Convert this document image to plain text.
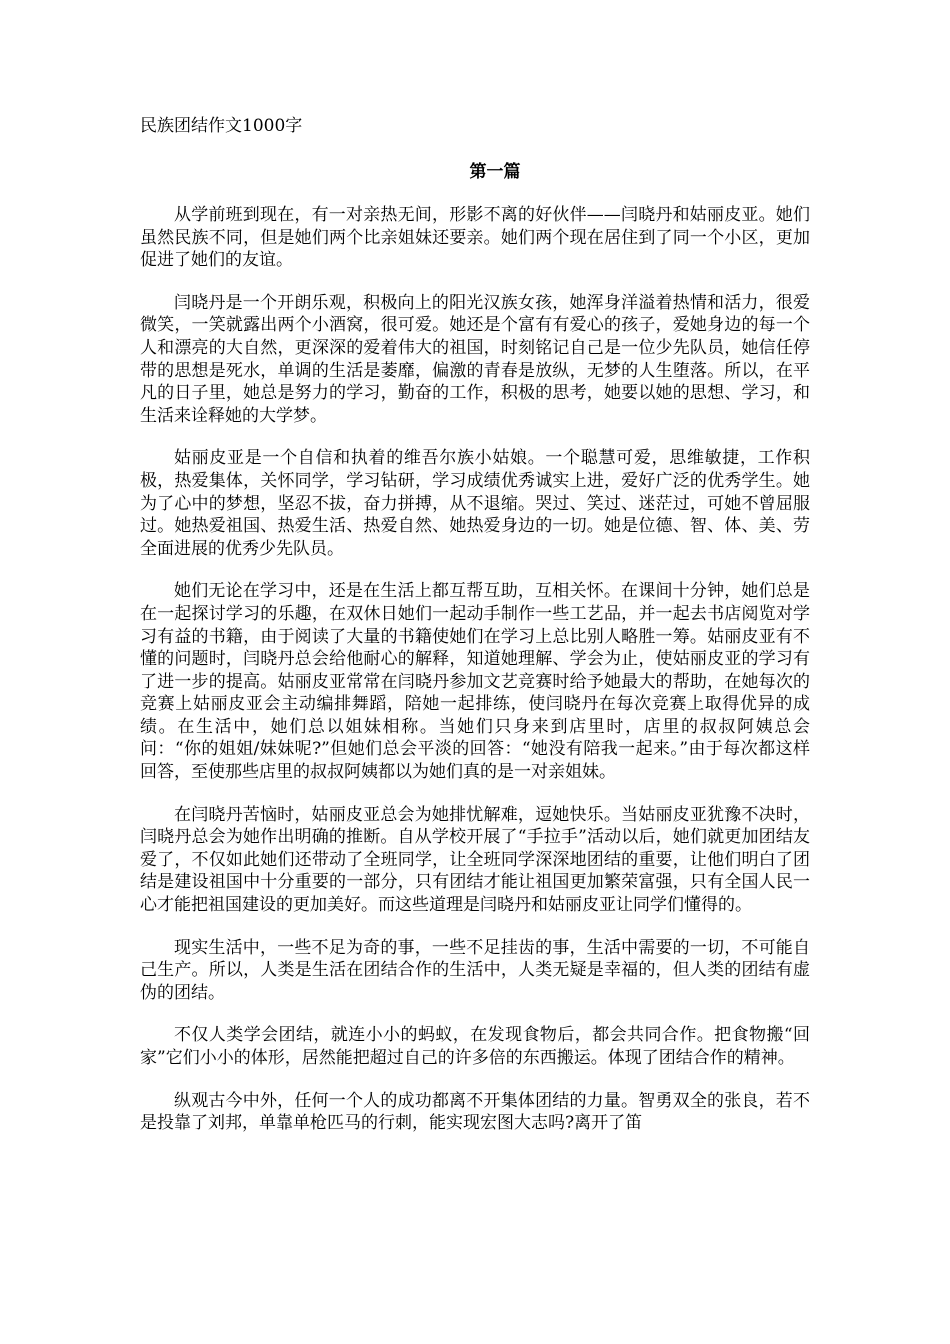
民族团结作文1000字
第一篇

从学前班到现在，有一对亲热无间，形影不离的好伙伴——闫晓丹和姑丽皮亚。她们虽然民族不同，但是她们两个比亲姐妹还要亲。她们两个现在居住到了同一个小区，更加促进了她们的友谊。

闫晓丹是一个开朗乐观，积极向上的阳光汉族女孩，她浑身洋溢着热情和活力，很爱微笑，一笑就露出两个小酒窝，很可爱。她还是个富有有爱心的孩子，爱她身边的每一个人和漂亮的大自然，更深深的爱着伟大的祖国，时刻铭记自己是一位少先队员，她信任停带的思想是死水，单调的生活是萎靡，偏激的青春是放纵，无梦的人生堕落。所以，在平凡的日子里，她总是努力的学习，勤奋的工作，积极的思考，她要以她的思想、学习，和生活来诠释她的大学梦。

姑丽皮亚是一个自信和执着的维吾尔族小姑娘。一个聪慧可爱，思维敏捷，工作积极，热爱集体，关怀同学，学习钻研，学习成绩优秀诚实上进，爱好广泛的优秀学生。她为了心中的梦想，坚忍不拔，奋力拼搏，从不退缩。哭过、笑过、迷茫过，可她不曾屈服过。她热爱祖国、热爱生活、热爱自然、她热爱身边的一切。她是位德、智、体、美、劳全面进展的优秀少先队员。

她们无论在学习中，还是在生活上都互帮互助，互相关怀。在课间十分钟，她们总是在一起探讨学习的乐趣，在双休日她们一起动手制作一些工艺品，并一起去书店阅览对学习有益的书籍，由于阅读了大量的书籍使她们在学习上总比别人略胜一筹。姑丽皮亚有不懂的问题时，闫晓丹总会给他耐心的解释，知道她理解、学会为止，使姑丽皮亚的学习有了进一步的提高。姑丽皮亚常常在闫晓丹参加文艺竞赛时给予她最大的帮助，在她每次的竞赛上姑丽皮亚会主动编排舞蹈，陪她一起排练，使闫晓丹在每次竞赛上取得优异的成绩。在生活中，她们总以姐妹相称。当她们只身来到店里时，店里的叔叔阿姨总会问：“你的姐姐/妹妹呢?”但她们总会平淡的回答：“她没有陪我一起来。”由于每次都这样回答，至使那些店里的叔叔阿姨都以为她们真的是一对亲姐妹。

在闫晓丹苦恼时，姑丽皮亚总会为她排忧解难，逗她快乐。当姑丽皮亚犹豫不决时，闫晓丹总会为她作出明确的推断。自从学校开展了“手拉手”活动以后，她们就更加团结友爱了，不仅如此她们还带动了全班同学，让全班同学深深地团结的重要，让他们明白了团结是建设祖国中十分重要的一部分，只有团结才能让祖国更加繁荣富强，只有全国人民一心才能把祖国建设的更加美好。而这些道理是闫晓丹和姑丽皮亚让同学们懂得的。

现实生活中，一些不足为奇的事，一些不足挂齿的事，生活中需要的一切，不可能自己生产。所以，人类是生活在团结合作的生活中，人类无疑是幸福的，但人类的团结有虚伪的团结。

不仅人类学会团结，就连小小的蚂蚁，在发现食物后，都会共同合作。把食物搬“回家”它们小小的体形，居然能把超过自己的许多倍的东西搬运。体现了团结合作的精神。

纵观古今中外，任何一个人的成功都离不开集体团结的力量。智勇双全的张良，若不是投靠了刘邦，单靠单枪匹马的行刺，能实现宏图大志吗?离开了笛
